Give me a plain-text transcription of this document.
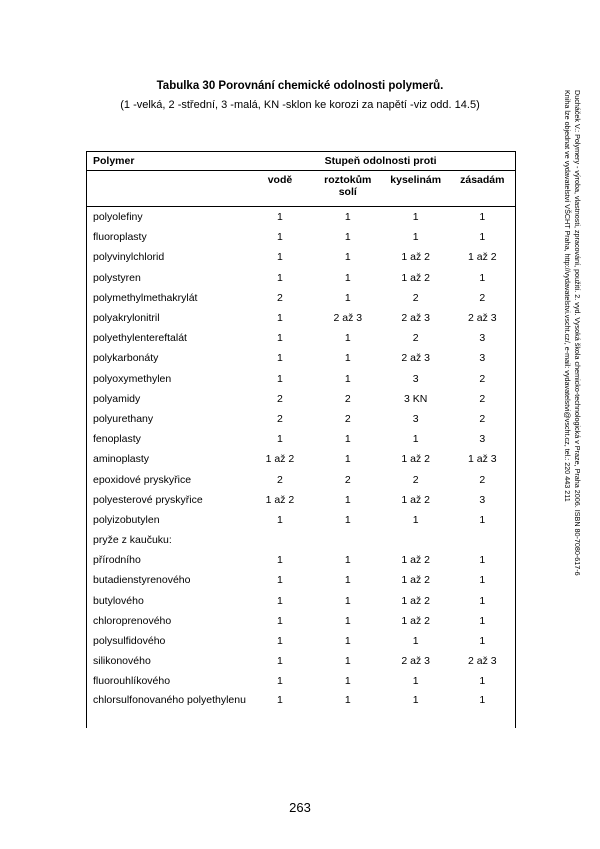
Tabulka 30 Porovnání chemické odolnosti polymerů.
(1 -velká, 2 -střední, 3 -malá, KN -sklon ke korozi za napětí -viz odd. 14.5)	Ducháček V.: Polymery - výroba, vlastnosti, zpracování, použití. 2. vyd. Vysoká škola chemicko-technologická v Praze, Praha 2006. ISBN 80-7080-617-6
Kniha lze objednat ve vydavatelství VŠCHT Praha, http://vydavatelstvi.vscht.cz/, e-mail: vydavatelstvi@vscht.cz, tel.: 220 443 211
Polymer	Stupeň odolnosti proti			
	vodě	roztokům solí	kyselinám	zásadám
polyolefiny	1	1	1	1
fluoroplasty	1	1	1	1
polyvinylchlorid	1	1	1 až 2	1 až 2
polystyren	1	1	1 až 2	1
polymethylmethakrylát	2	1	2	2
polyakrylonitril	1	2 až 3	2 až 3	2 až 3
polyethylentereftalát	1	1	2	3
polykarbonáty	1	1	2 až 3	3
polyoxymethylen	1	1	3	2
polyamidy	2	2	3 KN	2
polyurethany	2	2	3	2
fenoplasty	1	1	1	3
aminoplasty	1 až 2	1	1 až 2	1 až 3
epoxidové pryskyřice	2	2	2	2
polyesterové pryskyřice	1 až 2	1	1 až 2	3
polyizobutylen	1	1	1	1
pryže z kaučuku:				
přírodního	1	1	1 až 2	1
butadienstyrenového	1	1	1 až 2	1
butylového	1	1	1 až 2	1
chloroprenového	1	1	1 až 2	1
polysulfidového	1	1	1	1
silikonového	1	1	2 až 3	2 až 3
fluorouhlíkového	1	1	1	1
chlorsulfonovaného polyethylenu	1	1	1	1
263
